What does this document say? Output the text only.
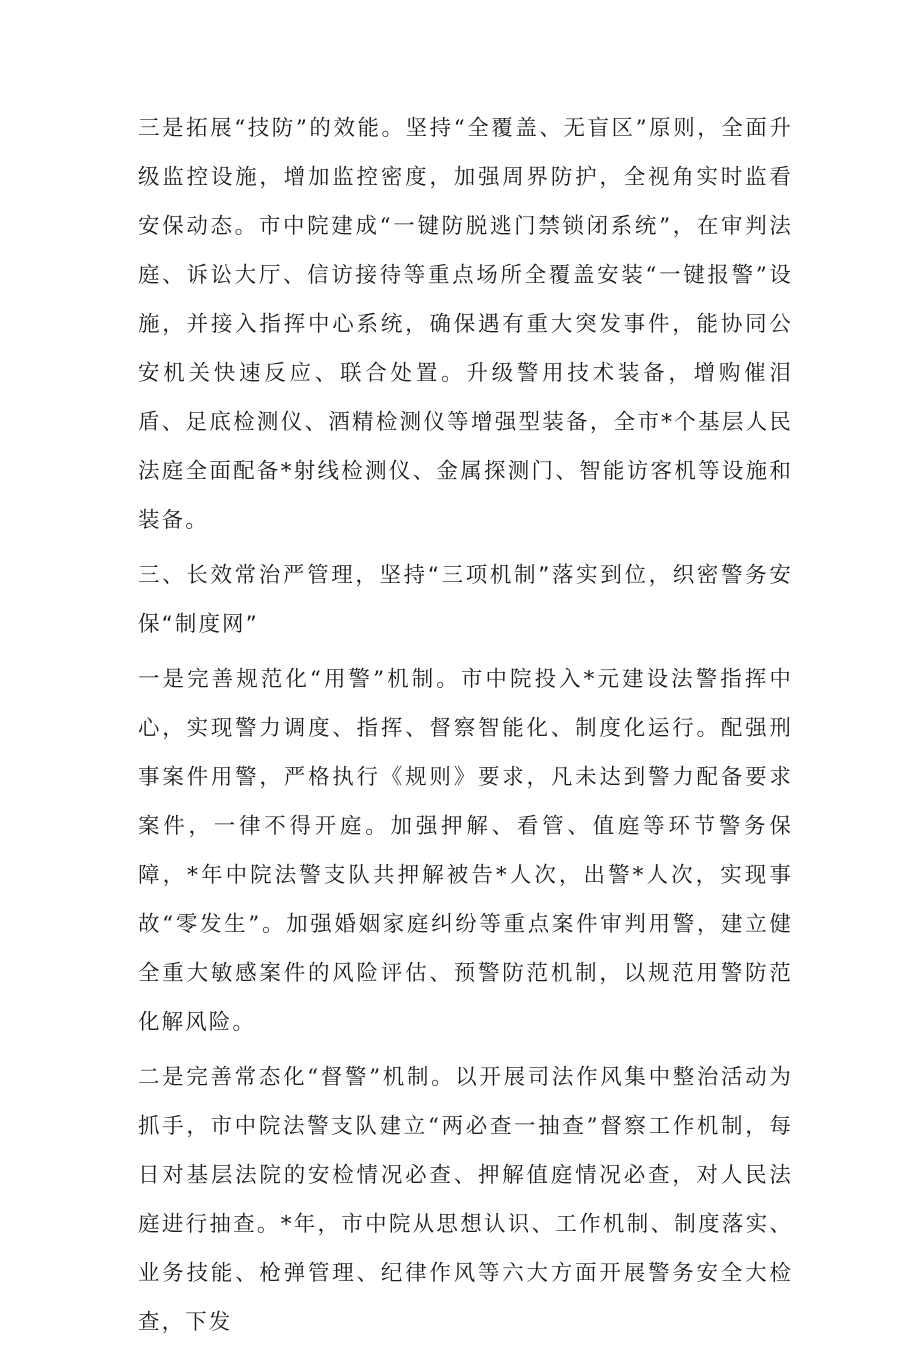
三是拓展“技防”的效能。坚持“全覆盖、无盲区”原则，全面升级监控设施，增加监控密度，加强周界防护，全视角实时监看安保动态。市中院建成“一键防脱逃门禁锁闭系统”，在审判法庭、诉讼大厅、信访接待等重点场所全覆盖安装“一键报警”设施，并接入指挥中心系统，确保遇有重大突发事件，能协同公安机关快速反应、联合处置。升级警用技术装备，增购催泪盾、足底检测仪、酒精检测仪等增强型装备，全市*个基层人民法庭全面配备*射线检测仪、金属探测门、智能访客机等设施和装备。

三、长效常治严管理，坚持“三项机制”落实到位，织密警务安保“制度网”

一是完善规范化“用警”机制。市中院投入*元建设法警指挥中心，实现警力调度、指挥、督察智能化、制度化运行。配强刑事案件用警，严格执行《规则》要求，凡未达到警力配备要求案件，一律不得开庭。加强押解、看管、值庭等环节警务保障，*年中院法警支队共押解被告*人次，出警*人次，实现事故“零发生”。加强婚姻家庭纠纷等重点案件审判用警，建立健全重大敏感案件的风险评估、预警防范机制，以规范用警防范化解风险。

二是完善常态化“督警”机制。以开展司法作风集中整治活动为抓手，市中院法警支队建立“两必查一抽查”督察工作机制，每日对基层法院的安检情况必查、押解值庭情况必查，对人民法庭进行抽查。*年，市中院从思想认识、工作机制、制度落实、业务技能、枪弹管理、纪律作风等六大方面开展警务安全大检查，下发
